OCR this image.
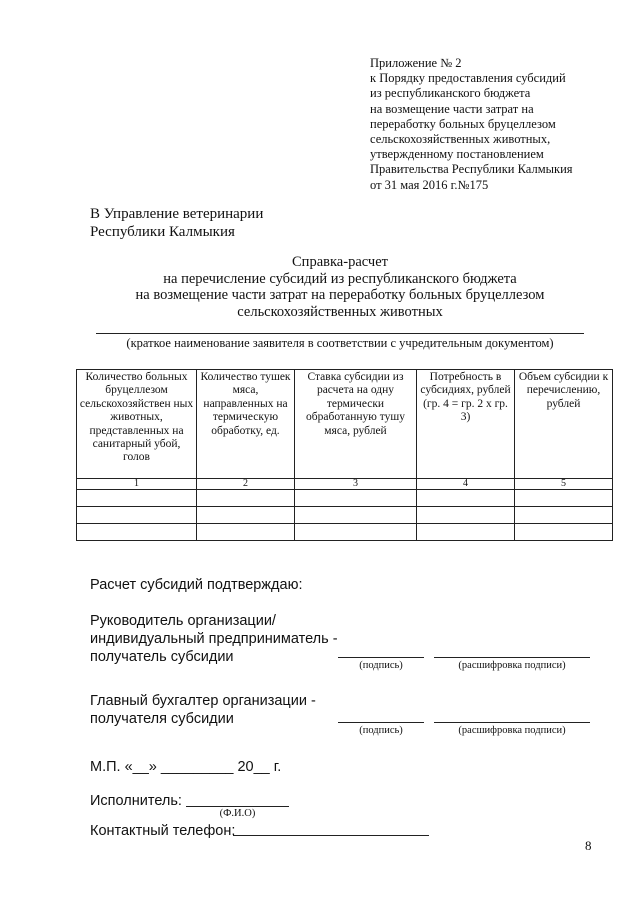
Приложение № 2
к Порядку предоставления субсидий
из республиканского бюджета
на возмещение части затрат на
переработку больных бруцеллезом
сельскохозяйственных животных,
утвержденному постановлением
Правительства Республики Калмыкия
от 31 мая 2016 г.№175
В Управление ветеринарии
Республики Калмыкия
Справка-расчет
на перечисление субсидий из республиканского бюджета
на возмещение части затрат на переработку больных бруцеллезом
сельскохозяйственных животных
(краткое наименование заявителя в соответствии с учредительным документом)
Количество больных бруцеллезом сельскохозяйствен ных животных, представленных на санитарный убой, голов	Количество тушек мяса, направленных на термическую обработку, ед.	Ставка субсидии из расчета на одну термически обработанную тушу мяса, рублей	Потребность в субсидиях, рублей (гр. 4 = гр. 2 x гр. 3)	Объем субсидии к перечислению, рублей
1	2	3	4	5

Расчет субсидий подтверждаю:
Руководитель организации/
индивидуальный предприниматель -
получатель субсидии
(подпись)	(расшифровка подписи)
Главный бухгалтер организации -
получателя субсидии
(подпись)	(расшифровка подписи)
М.П. «__» _________ 20__ г.
Исполнитель:
(Ф.И.О)
Контактный телефон:
8
